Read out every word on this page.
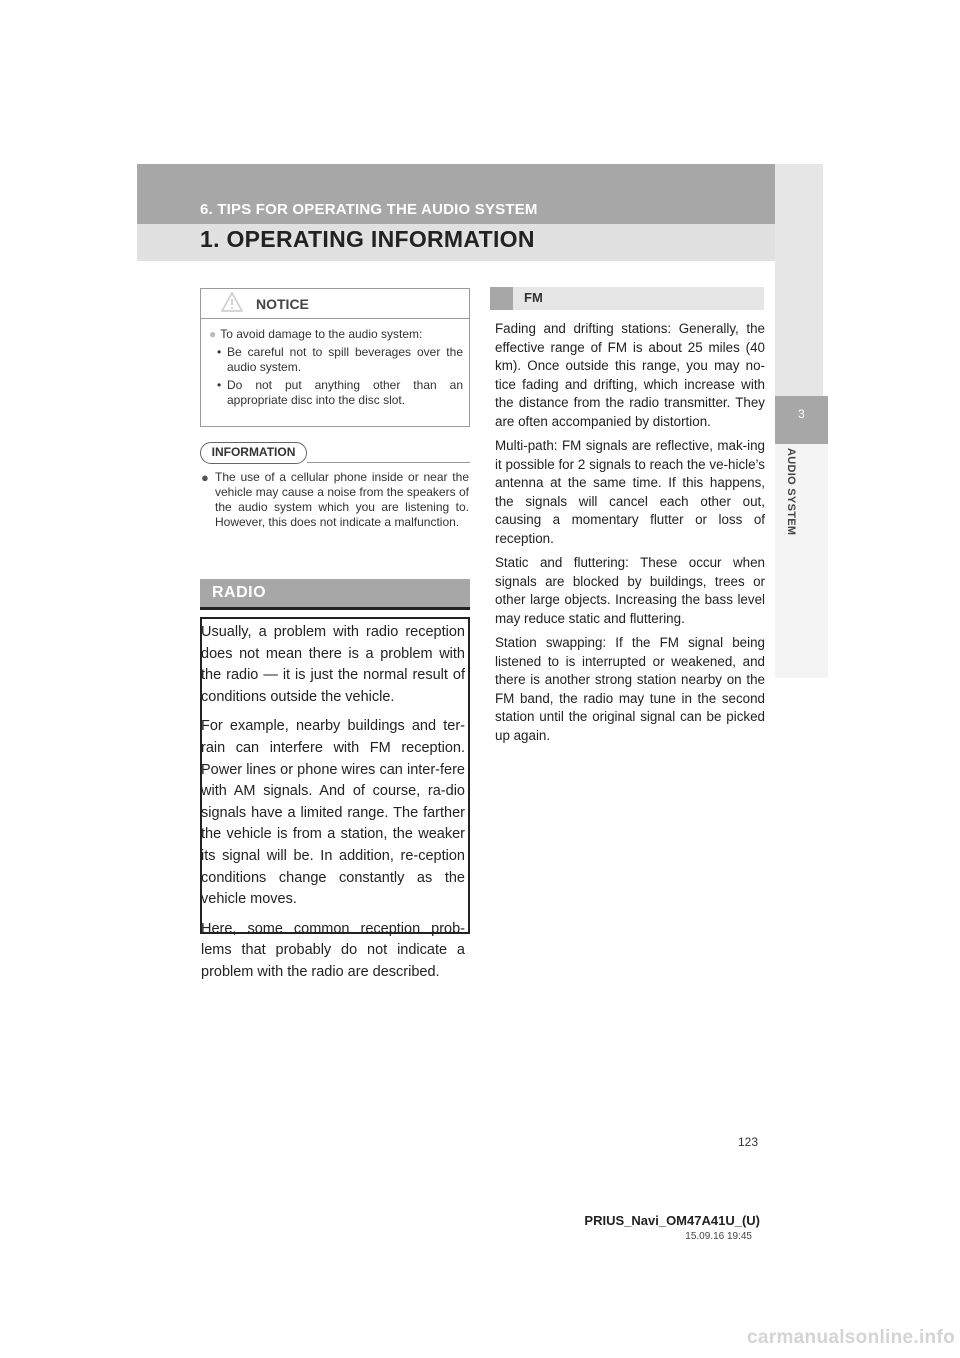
6. TIPS FOR OPERATING THE AUDIO SYSTEM
1. OPERATING INFORMATION
3
AUDIO SYSTEM
NOTICE

● To avoid damage to the audio system:

• Be careful not to spill beverages over the audio system.
• Do not put anything other than an appropriate disc into the disc slot.
INFORMATION
● The use of a cellular phone inside or near the vehicle may cause a noise from the speakers of the audio system which you are listening to. However, this does not indicate a malfunction.
RADIO

Usually, a problem with radio reception does not mean there is a problem with the radio — it is just the normal result of conditions outside the vehicle.

For example, nearby buildings and ter-rain can interfere with FM reception. Power lines or phone wires can inter-fere with AM signals. And of course, ra-dio signals have a limited range. The farther the vehicle is from a station, the weaker its signal will be. In addition, re-ception conditions change constantly as the vehicle moves.

Here, some common reception prob-lems that probably do not indicate a problem with the radio are described.

FM

Fading and drifting stations: Generally, the effective range of FM is about 25 miles (40 km). Once outside this range, you may no-tice fading and drifting, which increase with the distance from the radio transmitter. They are often accompanied by distortion.

Multi-path: FM signals are reflective, mak-ing it possible for 2 signals to reach the ve-hicle’s antenna at the same time. If this happens, the signals will cancel each other out, causing a momentary flutter or loss of reception.

Static and fluttering: These occur when signals are blocked by buildings, trees or other large objects. Increasing the bass level may reduce static and fluttering.

Station swapping: If the FM signal being listened to is interrupted or weakened, and there is another strong station nearby on the FM band, the radio may tune in the second station until the original signal can be picked up again.

123
PRIUS_Navi_OM47A41U_(U)
15.09.16 19:45
carmanualsonline.info
